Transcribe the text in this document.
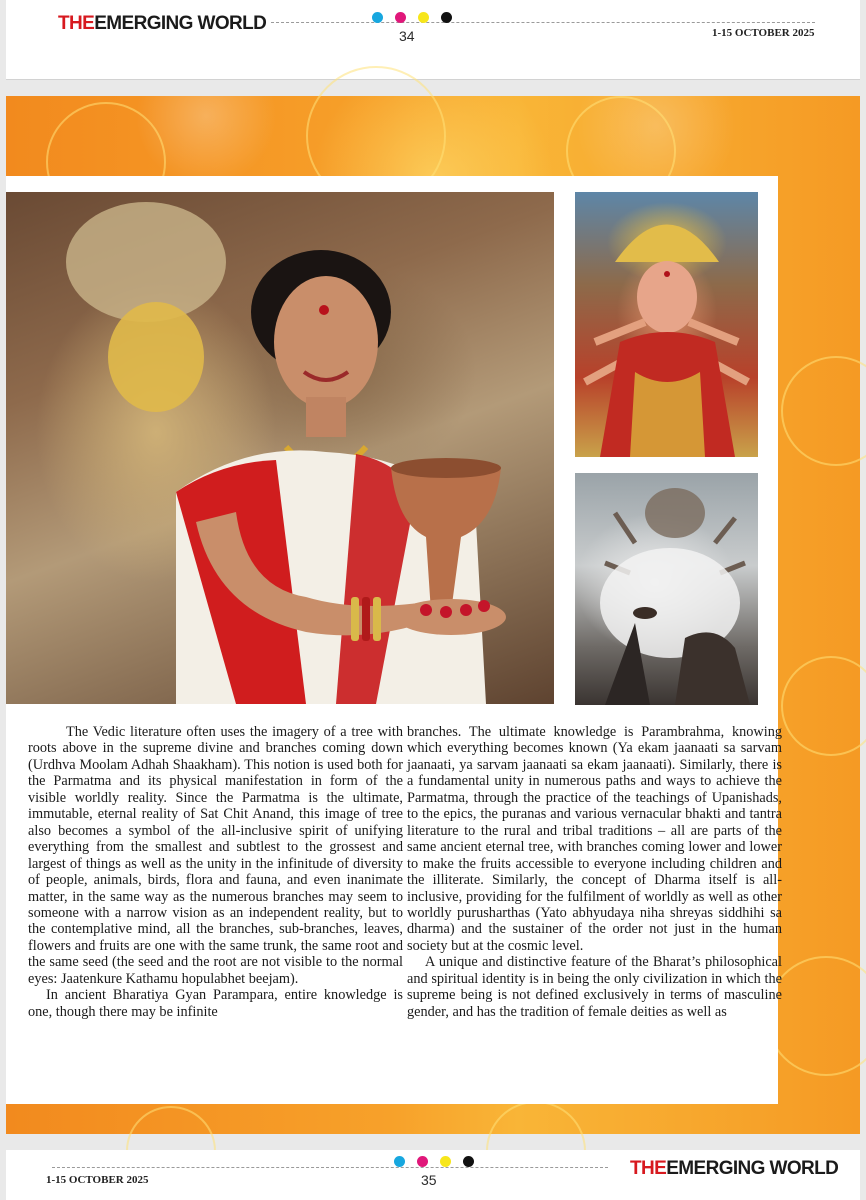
THEEMERGING WORLD
34	1-15 OCTOBER 2025

The Vedic literature often uses the imagery of a tree with roots above in the supreme divine and branches coming down (Urdhva Moolam Adhah Shaakham). This notion is used both for the Parmatma and its physical manifestation in form of the visible worldly reality. Since the Parmatma is the ultimate, immutable, eternal reality of Sat Chit Anand, this image of tree also becomes a symbol of the all-inclusive spirit of unifying everything from the smallest and subtlest to the grossest and largest of things as well as the unity in the infinitude of diversity of people, animals, birds, flora and fauna, and even inanimate matter, in the same way as the numerous branches may seem to someone with a narrow vision as an independent reality, but to the contemplative mind, all the branches, sub-branches, leaves, flowers and fruits are one with the same trunk, the same root and the same seed (the seed and the root are not visible to the normal eyes: Jaatenkure Kathamu hopulabhet beejam).

In ancient Bharatiya Gyan Parampara, entire knowledge is one, though there may be infinite

branches. The ultimate knowledge is Parambrahma, knowing which everything becomes known (Ya ekam jaanaati sa sarvam jaanaati, ya sarvam jaanaati sa ekam jaanaati). Similarly, there is a fundamental unity in numerous paths and ways to achieve the Parmatma, through the practice of the teachings of Upanishads, to the epics, the puranas and various vernacular bhakti and tantra literature to the rural and tribal traditions – all are parts of the same ancient eternal tree, with branches coming lower and lower to make the fruits accessible to everyone including children and the illiterate. Similarly, the concept of Dharma itself is all-inclusive, providing for the fulfilment of worldly as well as other worldly purusharthas (Yato abhyudaya niha shreyas siddhihi sa dharma) and the sustainer of the order not just in the human society but at the cosmic level.

A unique and distinctive feature of the Bharat’s philosophical and spiritual identity is in being the only civilization in which the supreme being is not defined exclusively in terms of masculine gender, and has the tradition of female deities as well as

1-15 OCTOBER 2025	35
THEEMERGING WORLD
